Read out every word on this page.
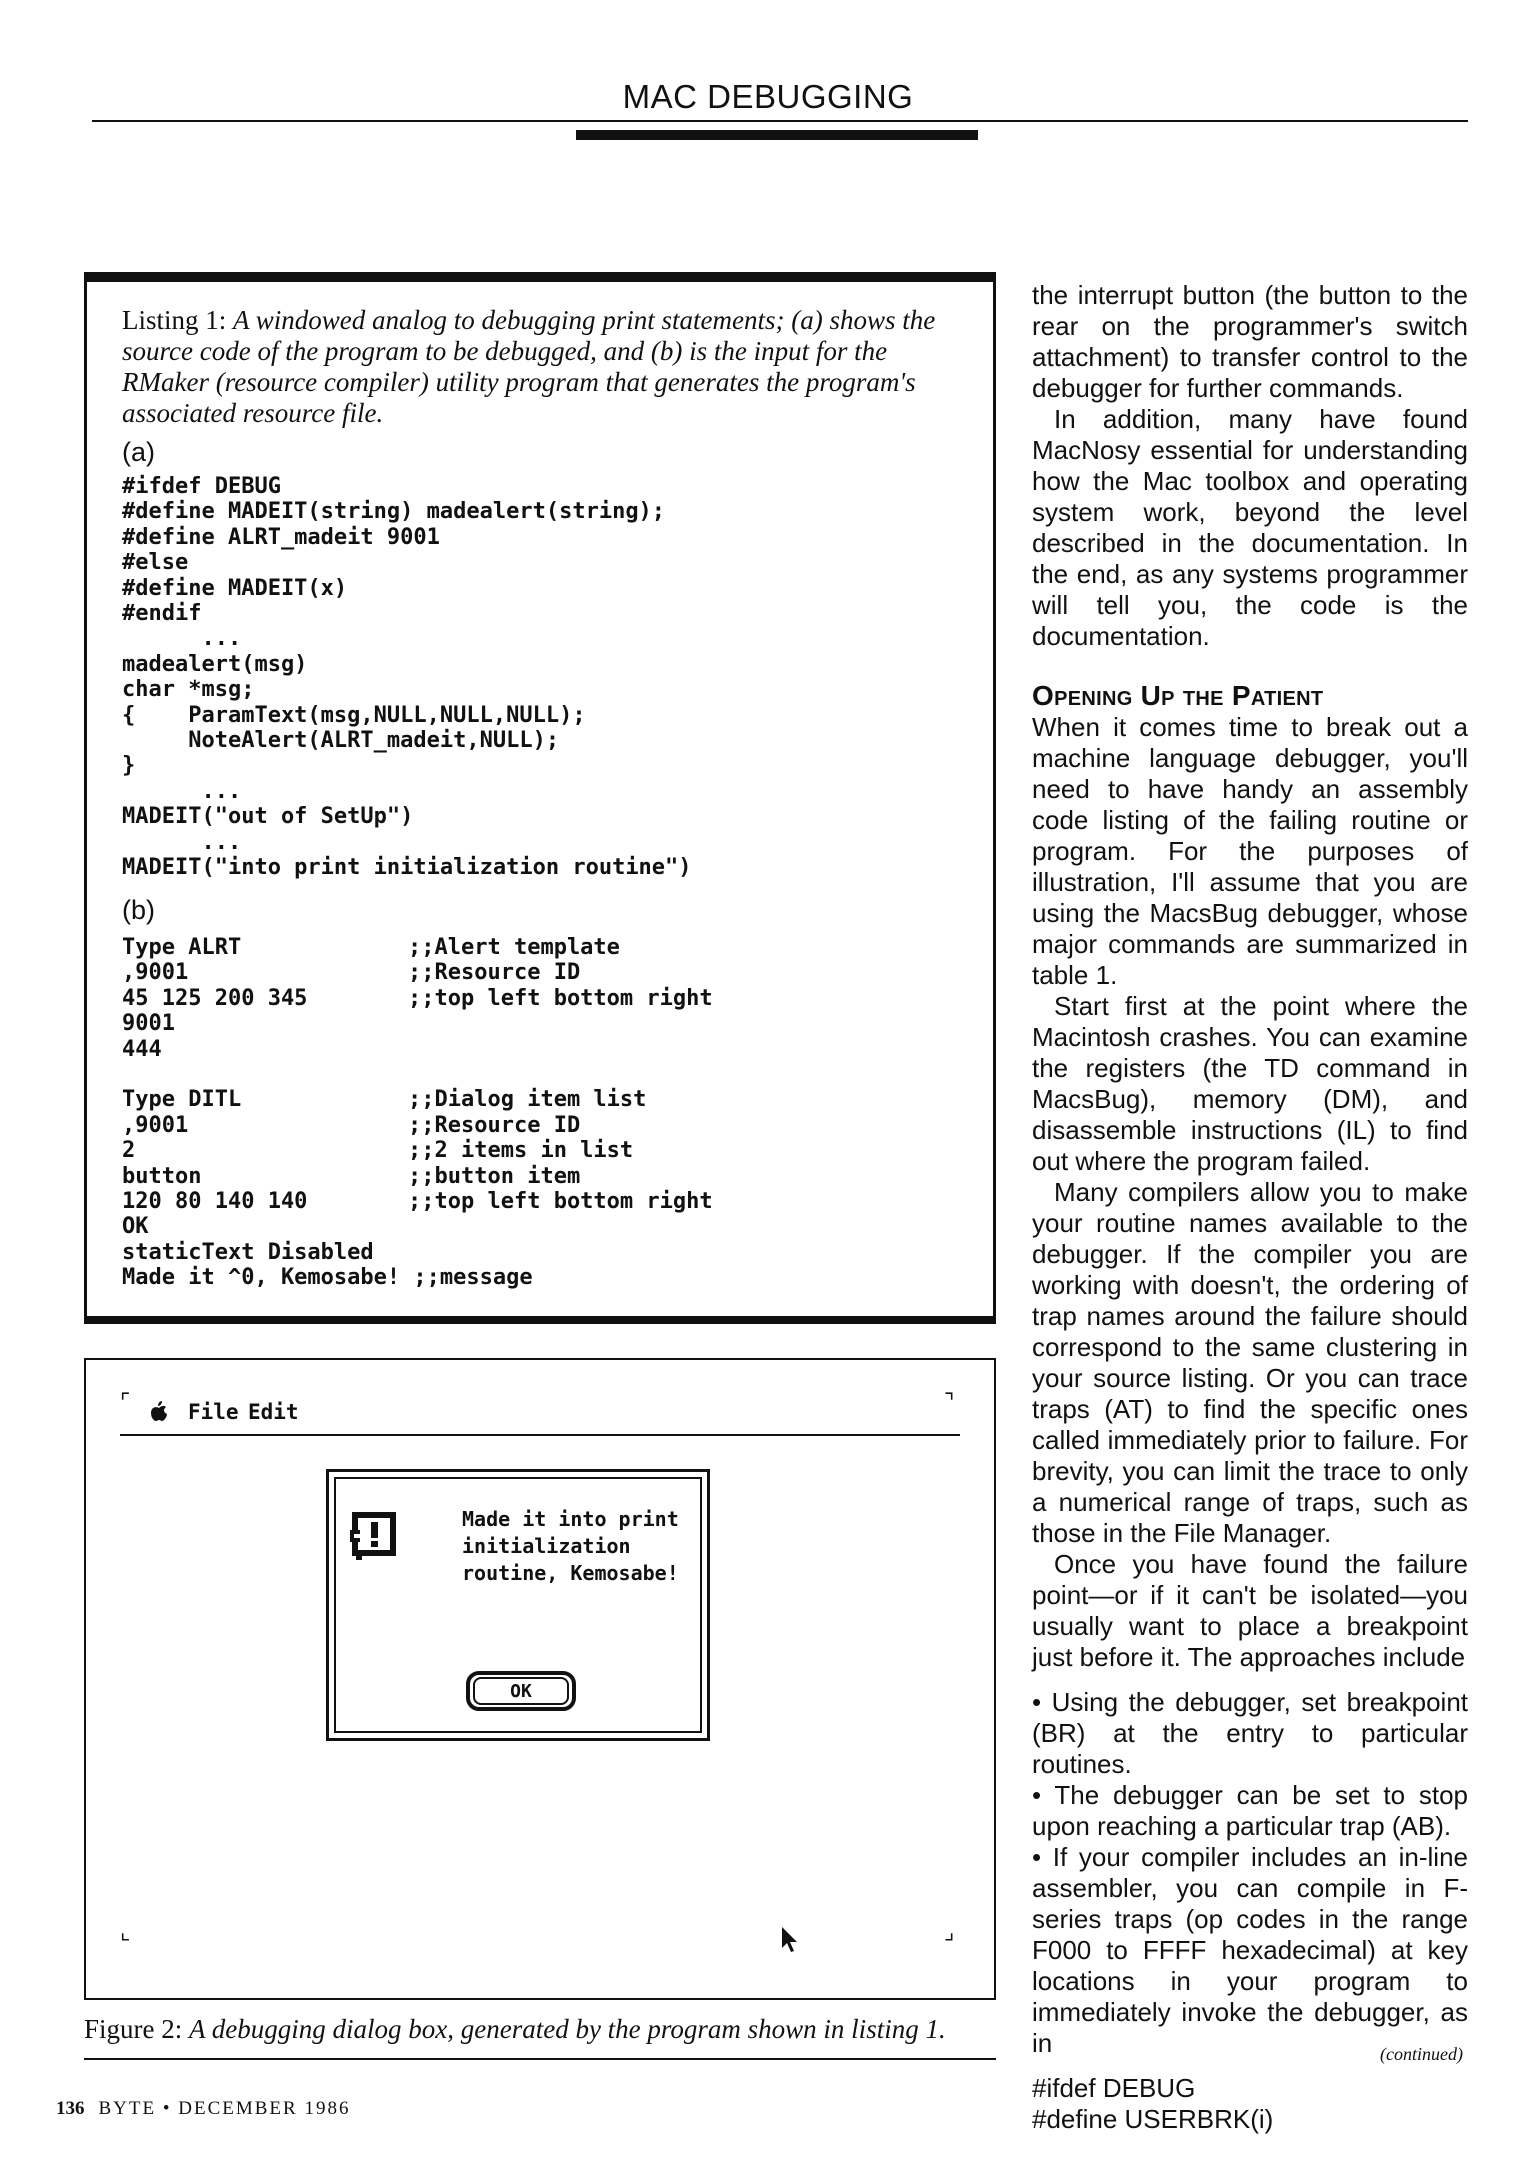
MAC DEBUGGING
Listing 1: A windowed analog to debugging print statements; (a) shows the source code of the program to be debugged, and (b) is the input for the RMaker (resource compiler) utility program that generates the program's associated resource file.
(a)
#ifdef DEBUG
#define MADEIT(string) madealert(string);
#define ALRT_madeit 9001
#else
#define MADEIT(x)
#endif
...
madealert(msg)
char *msg;
{    ParamText(msg,NULL,NULL,NULL);
NoteAlert(ALRT_madeit,NULL);
}
...
MADEIT("out of SetUp")
...
MADEIT("into print initialization routine")
(b)
Type ALRT
,9001
45 125 200 345
9001
444

Type DITL
,9001
2
button
120 80 140 140
OK
staticText Disabled
Made it ^0, Kemosabe! ;;message
;;Alert template
;;Resource ID
;;top left bottom right

;;Dialog item list
;;Resource ID
;;2 items in list
;;button item
;;top left bottom right
⌜	⌝
File Edit
Made it into print initialization routine, Kemosabe!
OK
⌞	⌟
Figure 2: A debugging dialog box, generated by the program shown in listing 1.

the interrupt button (the button to the rear on the programmer's switch attachment) to transfer control to the debugger for further commands.

In addition, many have found MacNosy essential for understanding how the Mac toolbox and operating system work, beyond the level described in the documentation. In the end, as any systems programmer will tell you, the code is the documentation.

Opening Up the Patient

When it comes time to break out a machine language debugger, you'll need to have handy an assembly code listing of the failing routine or program. For the purposes of illustration, I'll assume that you are using the MacsBug debugger, whose major commands are summarized in table 1.

Start first at the point where the Macintosh crashes. You can examine the registers (the TD command in MacsBug), memory (DM), and disassemble instructions (IL) to find out where the program failed.

Many compilers allow you to make your routine names available to the debugger. If the compiler you are working with doesn't, the ordering of trap names around the failure should correspond to the same clustering in your source listing. Or you can trace traps (AT) to find the specific ones called immediately prior to failure. For brevity, you can limit the trace to only a numerical range of traps, such as those in the File Manager.

Once you have found the failure point—or if it can't be isolated—you usually want to place a breakpoint just before it. The approaches include

• Using the debugger, set breakpoint (BR) at the entry to particular routines.
• The debugger can be set to stop upon reaching a particular trap (AB).
• If your compiler includes an in-line assembler, you can compile in F-series traps (op codes in the range F000 to FFFF hexadecimal) at key locations in your program to immediately invoke the debugger, as in
#ifdef DEBUG
#define USERBRK(i)
(continued)
136 BYTE • DECEMBER 1986
